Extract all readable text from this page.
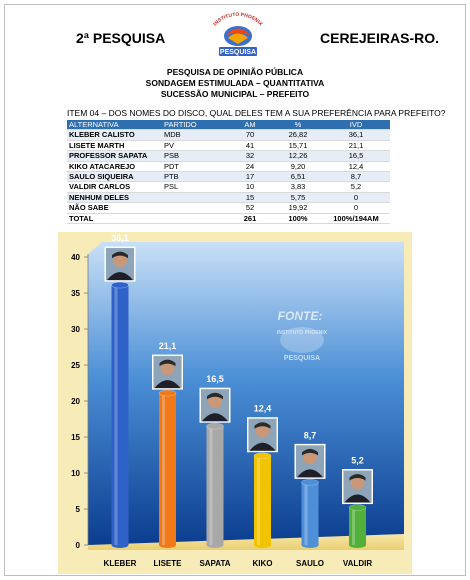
2ª PESQUISA
INSTITUTO PHOENIX
PESQUISA
CEREJEIRAS-RO.
PESQUISA DE OPINIÃO PÚBLICA
SONDAGEM ESTIMULADA – QUANTITATIVA
SUCESSÃO MUNICIPAL – PREFEITO
ITEM 04 – DOS NOMES DO DISCO, QUAL DELES TEM A SUA PREFERÊNCIA PARA PREFEITO?
ALTERNATIVA	PARTIDO	AM	%	IVD
KLEBER CALISTO	MDB	70	26,82	36,1
LISETE MARTH	PV	41	15,71	21,1
PROFESSOR SAPATA	PSB	32	12,26	16,5
KIKO ATACAREJO	PDT	24	9,20	12,4
SAULO SIQUEIRA	PTB	17	6,51	8,7
VALDIR CARLOS	PSL	10	3,83	5,2
NENHUM DELES		15	5,75	0
NÃO SABE		52	19,92	0
TOTAL		261	100%	100%/194AM
0
5
10
15
20
25
30
35
40
FONTE:
INSTITUTO PHOENIX
PESQUISA
36,1
KLEBER
21,1
LISETE
16,5
SAPATA
12,4
KIKO
8,7
SAULO
5,2
VALDIR
